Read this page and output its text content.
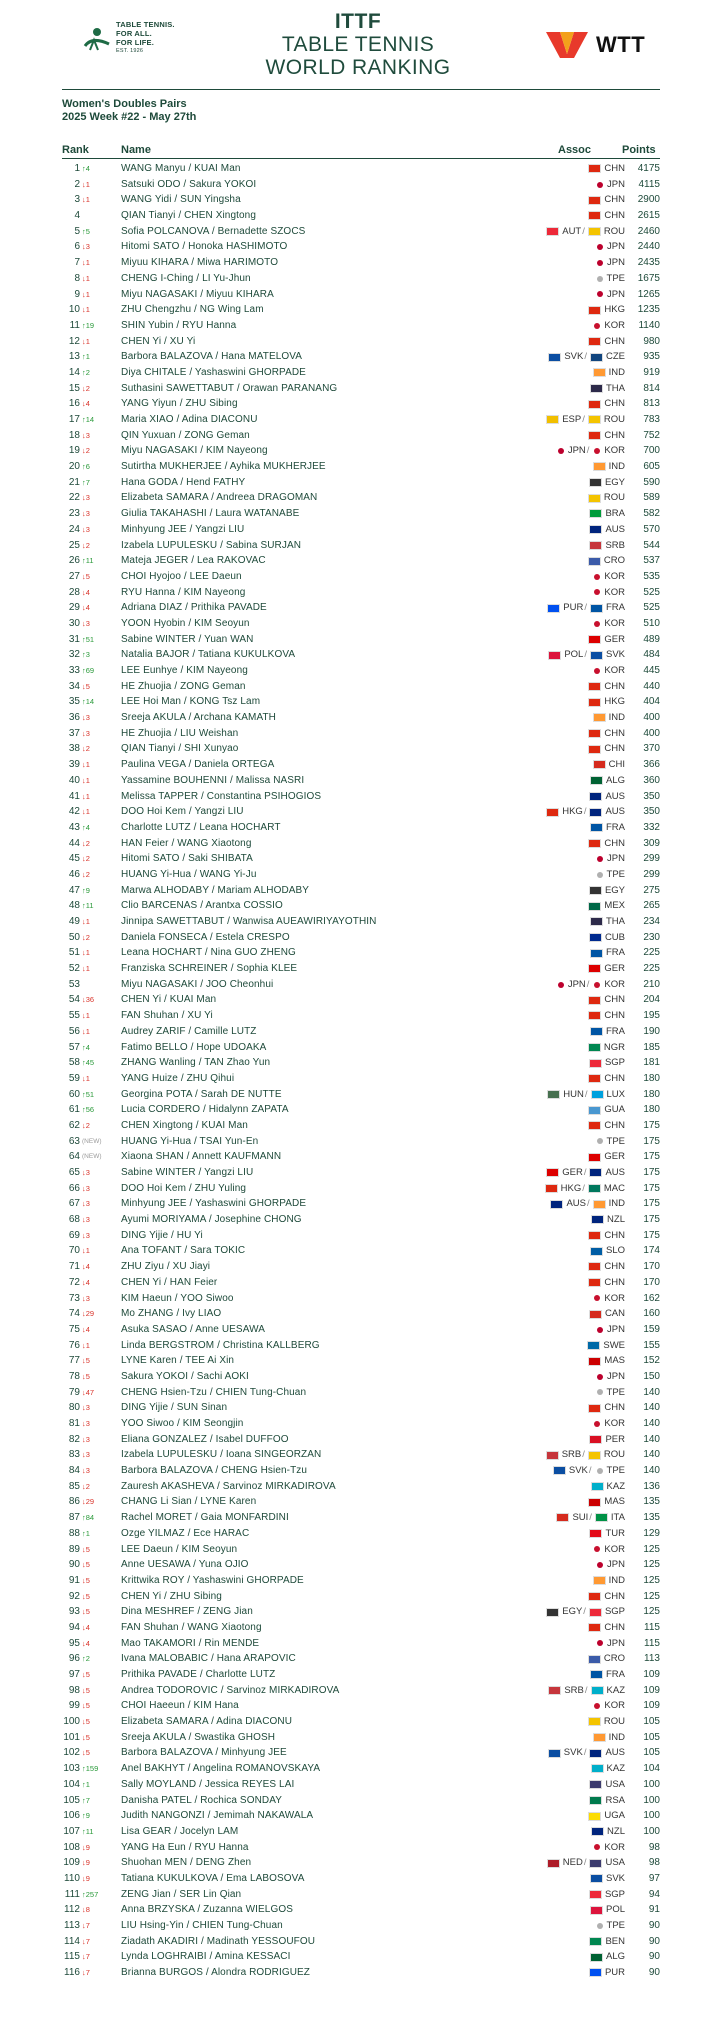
TABLE TENNIS.
FOR ALL.
FOR LIFE.
EST. 1926
ITTF
TABLE TENNIS
WORLD RANKING
WTT
Women's Doubles Pairs
2025 Week #22 - May 27th
Rank	Name	Assoc	Points
1 ↑4	WANG Manyu / KUAI Man	CHN	4175
2 ↓1	Satsuki ODO / Sakura YOKOI	JPN	4115
3 ↓1	WANG Yidi / SUN Yingsha	CHN	2900
4	QIAN Tianyi / CHEN Xingtong	CHN	2615
5 ↑5	Sofia POLCANOVA / Bernadette SZOCS	AUT / ROU	2460
6 ↓3	Hitomi SATO / Honoka HASHIMOTO	JPN	2440
7 ↓1	Miyuu KIHARA / Miwa HARIMOTO	JPN	2435
8 ↓1	CHENG I-Ching / LI Yu-Jhun	TPE	1675
9 ↓1	Miyu NAGASAKI / Miyuu KIHARA	JPN	1265
10 ↓1	ZHU Chengzhu / NG Wing Lam	HKG	1235
11 ↑19	SHIN Yubin / RYU Hanna	KOR	1140
12 ↓1	CHEN Yi / XU Yi	CHN	980
13 ↑1	Barbora BALAZOVA / Hana MATELOVA	SVK / CZE	935
14 ↑2	Diya CHITALE / Yashaswini GHORPADE	IND	919
15 ↓2	Suthasini SAWETTABUT / Orawan PARANANG	THA	814
16 ↓4	YANG Yiyun / ZHU Sibing	CHN	813
17 ↑14	Maria XIAO / Adina DIACONU	ESP / ROU	783
18 ↓3	QIN Yuxuan / ZONG Geman	CHN	752
19 ↓2	Miyu NAGASAKI / KIM Nayeong	JPN / KOR	700
20 ↑6	Sutirtha MUKHERJEE / Ayhika MUKHERJEE	IND	605
21 ↑7	Hana GODA / Hend FATHY	EGY	590
22 ↓3	Elizabeta SAMARA / Andreea DRAGOMAN	ROU	589
23 ↓3	Giulia TAKAHASHI / Laura WATANABE	BRA	582
24 ↓3	Minhyung JEE / Yangzi LIU	AUS	570
25 ↓2	Izabela LUPULESKU / Sabina SURJAN	SRB	544
26 ↑11	Mateja JEGER / Lea RAKOVAC	CRO	537
27 ↓5	CHOI Hyojoo / LEE Daeun	KOR	535
28 ↓4	RYU Hanna / KIM Nayeong	KOR	525
29 ↓4	Adriana DIAZ / Prithika PAVADE	PUR / FRA	525
30 ↓3	YOON Hyobin / KIM Seoyun	KOR	510
31 ↑51	Sabine WINTER / Yuan WAN	GER	489
32 ↑3	Natalia BAJOR / Tatiana KUKULKOVA	POL / SVK	484
33 ↑69	LEE Eunhye / KIM Nayeong	KOR	445
34 ↓5	HE Zhuojia / ZONG Geman	CHN	440
35 ↑14	LEE Hoi Man / KONG Tsz Lam	HKG	404
36 ↓3	Sreeja AKULA / Archana KAMATH	IND	400
37 ↓3	HE Zhuojia / LIU Weishan	CHN	400
38 ↓2	QIAN Tianyi / SHI Xunyao	CHN	370
39 ↓1	Paulina VEGA / Daniela ORTEGA	CHI	366
40 ↓1	Yassamine BOUHENNI / Malissa NASRI	ALG	360
41 ↓1	Melissa TAPPER / Constantina PSIHOGIOS	AUS	350
42 ↓1	DOO Hoi Kem / Yangzi LIU	HKG / AUS	350
43 ↑4	Charlotte LUTZ / Leana HOCHART	FRA	332
44 ↓2	HAN Feier / WANG Xiaotong	CHN	309
45 ↓2	Hitomi SATO / Saki SHIBATA	JPN	299
46 ↓2	HUANG Yi-Hua / WANG Yi-Ju	TPE	299
47 ↑9	Marwa ALHODABY / Mariam ALHODABY	EGY	275
48 ↑11	Clio BARCENAS / Arantxa COSSIO	MEX	265
49 ↓1	Jinnipa SAWETTABUT / Wanwisa AUEAWIRIYAYOTHIN	THA	234
50 ↓2	Daniela FONSECA / Estela CRESPO	CUB	230
51 ↓1	Leana HOCHART / Nina GUO ZHENG	FRA	225
52 ↓1	Franziska SCHREINER / Sophia KLEE	GER	225
53	Miyu NAGASAKI / JOO Cheonhui	JPN / KOR	210
54 ↓36	CHEN Yi / KUAI Man	CHN	204
55 ↓1	FAN Shuhan / XU Yi	CHN	195
56 ↓1	Audrey ZARIF / Camille LUTZ	FRA	190
57 ↑4	Fatimo BELLO / Hope UDOAKA	NGR	185
58 ↑45	ZHANG Wanling / TAN Zhao Yun	SGP	181
59 ↓1	YANG Huize / ZHU Qihui	CHN	180
60 ↑51	Georgina POTA / Sarah DE NUTTE	HUN / LUX	180
61 ↑56	Lucia CORDERO / Hidalynn ZAPATA	GUA	180
62 ↓2	CHEN Xingtong / KUAI Man	CHN	175
63 (NEW)	HUANG Yi-Hua / TSAI Yun-En	TPE	175
64 (NEW)	Xiaona SHAN / Annett KAUFMANN	GER	175
65 ↓3	Sabine WINTER / Yangzi LIU	GER / AUS	175
66 ↓3	DOO Hoi Kem / ZHU Yuling	HKG / MAC	175
67 ↓3	Minhyung JEE / Yashaswini GHORPADE	AUS / IND	175
68 ↓3	Ayumi MORIYAMA / Josephine CHONG	NZL	175
69 ↓3	DING Yijie / HU Yi	CHN	175
70 ↓1	Ana TOFANT / Sara TOKIC	SLO	174
71 ↓4	ZHU Ziyu / XU Jiayi	CHN	170
72 ↓4	CHEN Yi / HAN Feier	CHN	170
73 ↓3	KIM Haeun / YOO Siwoo	KOR	162
74 ↓29	Mo ZHANG / Ivy LIAO	CAN	160
75 ↓4	Asuka SASAO / Anne UESAWA	JPN	159
76 ↓1	Linda BERGSTROM / Christina KALLBERG	SWE	155
77 ↓5	LYNE Karen / TEE Ai Xin	MAS	152
78 ↓5	Sakura YOKOI / Sachi AOKI	JPN	150
79 ↓47	CHENG Hsien-Tzu / CHIEN Tung-Chuan	TPE	140
80 ↓3	DING Yijie / SUN Sinan	CHN	140
81 ↓3	YOO Siwoo / KIM Seongjin	KOR	140
82 ↓3	Eliana GONZALEZ / Isabel DUFFOO	PER	140
83 ↓3	Izabela LUPULESKU / Ioana SINGEORZAN	SRB / ROU	140
84 ↓3	Barbora BALAZOVA / CHENG Hsien-Tzu	SVK / TPE	140
85 ↓2	Zauresh AKASHEVA / Sarvinoz MIRKADIROVA	KAZ	136
86 ↓29	CHANG Li Sian / LYNE Karen	MAS	135
87 ↑84	Rachel MORET / Gaia MONFARDINI	SUI / ITA	135
88 ↑1	Ozge YILMAZ / Ece HARAC	TUR	129
89 ↓5	LEE Daeun / KIM Seoyun	KOR	125
90 ↓5	Anne UESAWA / Yuna OJIO	JPN	125
91 ↓5	Krittwika ROY / Yashaswini GHORPADE	IND	125
92 ↓5	CHEN Yi / ZHU Sibing	CHN	125
93 ↓5	Dina MESHREF / ZENG Jian	EGY / SGP	125
94 ↓4	FAN Shuhan / WANG Xiaotong	CHN	115
95 ↓4	Mao TAKAMORI / Rin MENDE	JPN	115
96 ↑2	Ivana MALOBABIC / Hana ARAPOVIC	CRO	113
97 ↓5	Prithika PAVADE / Charlotte LUTZ	FRA	109
98 ↓5	Andrea TODOROVIC / Sarvinoz MIRKADIROVA	SRB / KAZ	109
99 ↓5	CHOI Haeeun / KIM Hana	KOR	109
100 ↓5	Elizabeta SAMARA / Adina DIACONU	ROU	105
101 ↓5	Sreeja AKULA / Swastika GHOSH	IND	105
102 ↓5	Barbora BALAZOVA / Minhyung JEE	SVK / AUS	105
103 ↑159	Anel BAKHYT / Angelina ROMANOVSKAYA	KAZ	104
104 ↑1	Sally MOYLAND / Jessica REYES LAI	USA	100
105 ↑7	Danisha PATEL / Rochica SONDAY	RSA	100
106 ↑9	Judith NANGONZI / Jemimah NAKAWALA	UGA	100
107 ↑11	Lisa GEAR / Jocelyn LAM	NZL	100
108 ↓9	YANG Ha Eun / RYU Hanna	KOR	98
109 ↓9	Shuohan MEN / DENG Zhen	NED / USA	98
110 ↓9	Tatiana KUKULKOVA / Ema LABOSOVA	SVK	97
111 ↑257	ZENG Jian / SER Lin Qian	SGP	94
112 ↓8	Anna BRZYSKA / Zuzanna WIELGOS	POL	91
113 ↓7	LIU Hsing-Yin / CHIEN Tung-Chuan	TPE	90
114 ↓7	Ziadath AKADIRI / Madinath YESSOUFOU	BEN	90
115 ↓7	Lynda LOGHRAIBI / Amina KESSACI	ALG	90
116 ↓7	Brianna BURGOS / Alondra RODRIGUEZ	PUR	90
